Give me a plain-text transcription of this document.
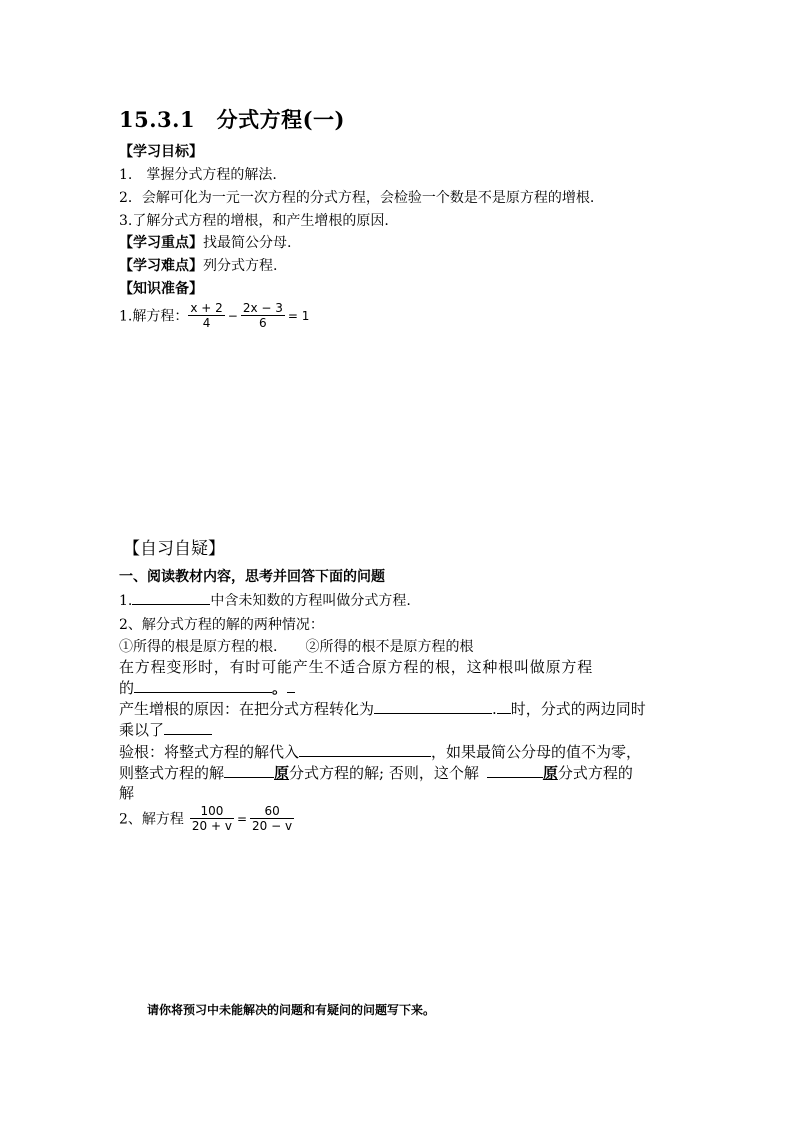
15.3.1　分式方程(一)
【学习目标】
1.　掌握分式方程的解法.
2．会解可化为一元一次方程的分式方程，会检验一个数是不是原方程的增根.
3.了解分式方程的增根，和产生增根的原因.
【学习重点】找最简公分母.
【学习难点】列分式方程.
【知识准备】
1.解方程： $\frac{x + 2}{4} - \frac{2x - 3}{6} = 1$
【自习自疑】
一、阅读教材内容，思考并回答下面的问题
1.	中含未知数的方程叫做分式方程.
2、解分式方程的解的两种情况：
①所得的根是原方程的根. ②所得的根不是原方程的根
在方程变形时，有时可能产生不适合原方程的根，这种根叫做原方程
的	。
产生增根的原因：在把分式方程转化为	. 时，分式的两边同时
乘以了
验根：将整式方程的解代入	，如果最简公分母的值不为零，
则整式方程的解	原分式方程的解; 否则，这个解	原分式方程的
解
2、解方程 $\frac{100}{20 + v} = \frac{60}{20 - v}$
请你将预习中未能解决的问题和有疑问的问题写下来。
